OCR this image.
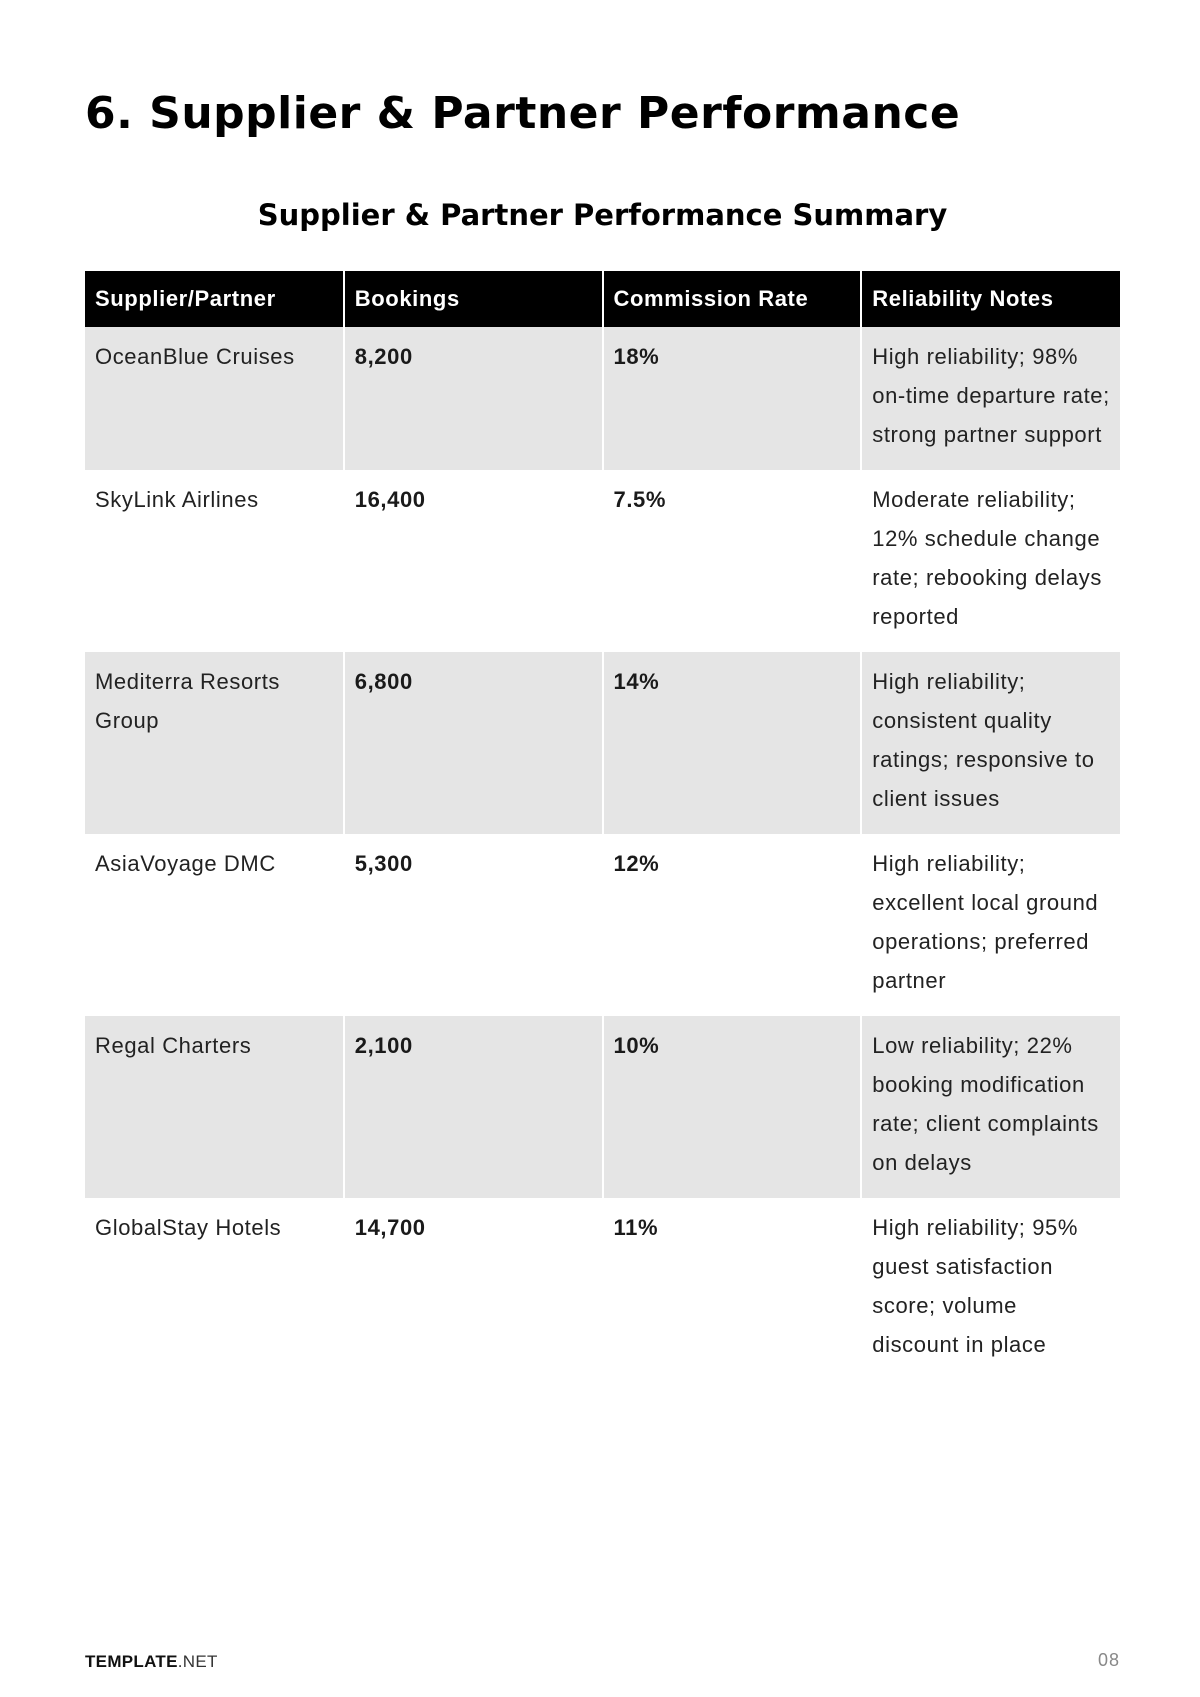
6. Supplier & Partner Performance
Supplier & Partner Performance Summary
Supplier/Partner	Bookings	Commission Rate	Reliability Notes
OceanBlue Cruises	8,200	18%	High reliability; 98% on-time departure rate; strong partner support
SkyLink Airlines	16,400	7.5%	Moderate reliability; 12% schedule change rate; rebooking delays reported
Mediterra Resorts Group	6,800	14%	High reliability; consistent quality ratings; responsive to client issues
AsiaVoyage DMC	5,300	12%	High reliability; excellent local ground operations; preferred partner
Regal Charters	2,100	10%	Low reliability; 22% booking modification rate; client complaints on delays
GlobalStay Hotels	14,700	11%	High reliability; 95% guest satisfaction score; volume discount in place
TEMPLATE.NET	08
